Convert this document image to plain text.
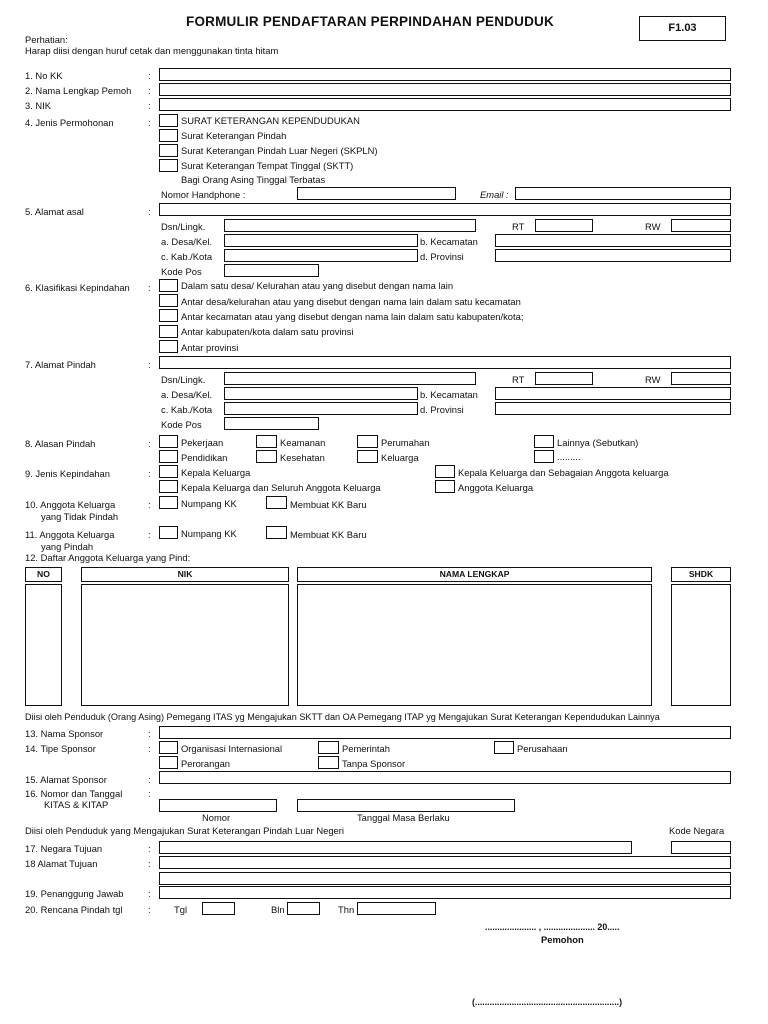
FORMULIR PENDAFTARAN PERPINDAHAN PENDUDUK	F1.03
Perhatian:
Harap diisi dengan huruf cetak dan menggunakan tinta hitam
1. No KK	:
2. Nama Lengkap Pemoh :
3. NIK	:
4. Jenis Permohonan	:	SURAT KETERANGAN KEPENDUDUKAN
Surat Keterangan Pindah
Surat Keterangan Pindah Luar Negeri (SKPLN)
Surat Keterangan Tempat Tinggal (SKTT)
Bagi Orang Asing Tinggal Terbatas
Nomor Handphone :	Email :
5. Alamat asal	:
Dsn/Lingk.	RT	RW
a. Desa/Kel.	b. Kecamatan
c. Kab./Kota	d. Provinsi
Kode Pos
6. Klasifikasi Kepindahan :	Dalam satu desa/ Kelurahan atau yang disebut dengan nama lain
Antar desa/kelurahan atau yang disebut dengan nama lain dalam satu kecamatan
Antar kecamatan atau yang disebut dengan nama lain dalam satu kabupaten/kota;
Antar kabupaten/kota dalam satu provinsi
Antar provinsi
7. Alamat Pindah	:
Dsn/Lingk.	RT	RW
a. Desa/Kel.	b. Kecamatan
c. Kab./Kota	d. Provinsi
Kode Pos
8. Alasan Pindah	:	Pekerjaan	Keamanan	Perumahan	Lainnya (Sebutkan)
Pendidikan	Kesehatan	Keluarga	.........
9. Jenis Kepindahan	:	Kepala Keluarga	Kepala Keluarga dan Sebagaian Anggota keluarga
Kepala Keluarga dan Seluruh Anggota Keluarga	Anggota Keluarga
10. Anggota Keluarga
yang Tidak Pindah
:	Numpang KK	Membuat KK Baru
11. Anggota Keluarga
yang Pindah
:	Numpang KK	Membuat KK Baru
12. Daftar Anggota Keluarga yang Pind:
NO	NIK	NAMA LENGKAP	SHDK
Diisi oleh Penduduk (Orang Asing) Pemegang ITAS yg Mengajukan SKTT dan OA Pemegang ITAP yg Mengajukan Surat Keterangan Kependudukan Lainnya
13. Nama Sponsor	:
14. Tipe Sponsor	:	Organisasi Internasional	Pemerintah	Perusahaan
Perorangan	Tanpa Sponsor
15. Alamat Sponsor	:
16. Nomor dan Tanggal
KITAS & KITAP
:
Nomor	Tanggal Masa Berlaku
Diisi oleh Penduduk yang Mengajukan Surat Keterangan Pindah Luar Negeri	Kode Negara
17. Negara Tujuan	:
18 Alamat Tujuan	:
19. Penanggung Jawab	:
20. Rencana Pindah tgl	: Tgl	Bln	Thn
..................... , ..................... 20.....
Pemohon
(...........................................................)
